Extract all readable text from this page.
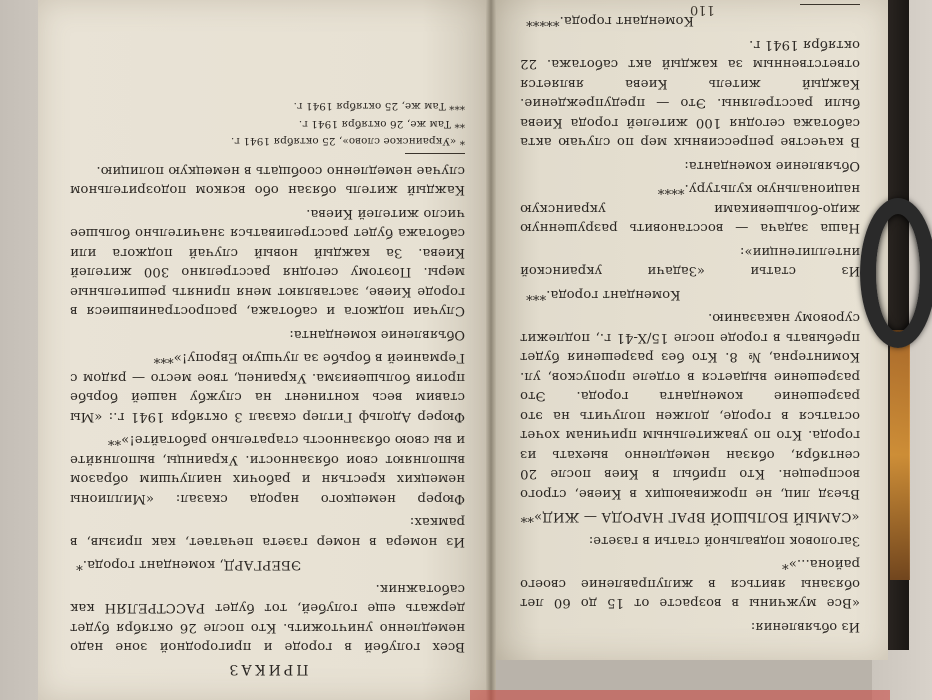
110

ПРИКАЗ

Всех голубей в городе и пригородной зоне надо немедленно уничтожить. Кто после 26 октября будет держать еще голубей, тот будет РАССТРЕЛЯН как саботажник.

ЭБЕРГАРД, комендант города.*

Из номера в номер газета печатает, как призыв, в рамках:

Фюрер немецкого народа сказал: «Миллионы немецких крестьян и рабочих наилучшим образом выполняют свои обязанности. Украинцы, выполняйте и вы свою обязанность старательно работайте!»**

Фюрер Адольф Гитлер сказал 3 октября 1941 г.: «Мы ставим весь континент на службу нашей борьбе против большевизма. Украинец, твое место — рядом с Германией в борьбе за лучшую Европу!»***

Объявление коменданта:

Случаи поджога и саботажа, распространившиеся в городе Киеве, заставляют меня принять решительные меры. Поэтому сегодня расстреляно 300 жителей Киева. За каждый новый случай поджога или саботажа будет расстреливаться значительно большее число жителей Киева.

Каждый житель обязан обо всяком подозрительном случае немедленно сообщать в немецкую полицию.

* «Украинское слово», 25 октября 1941 г.

** Там же, 26 октября 1941 г.

*** Там же, 25 октября 1941 г.

Из объявления:

«Все мужчины в возрасте от 15 до 60 лет обязаны явиться в жилуправление своего района...»*

Заголовок подвальной статьи в газете:

«САМЫЙ БОЛЬШОЙ ВРАГ НАРОДА — ЖИД»**

Въезд лиц, не проживающих в Киеве, строго воспрещен. Кто прибыл в Киев после 20 сентября, обязан немедленно выехать из города. Кто по уважительным причинам хочет остаться в городе, должен получить на это разрешение коменданта города. Это разрешение выдается в отделе пропусков, ул. Коминтерна, № 8. Кто без разрешения будет пребывать в городе после 15/X-41 г., подлежит суровому наказанию.

Комендант города.***

Из статьи «Задачи украинской интеллигенции»:

Наша задача — восстановить разрушенную жидо-большевиками украинскую национальную культуру.****

Объявление коменданта:

В качестве репрессивных мер по случаю акта саботажа сегодня 100 жителей города Киева были расстреляны. Это — предупреждение. Каждый житель Киева является ответственным за каждый акт саботажа. 22 октября 1941 г.

Комендант города.*****
